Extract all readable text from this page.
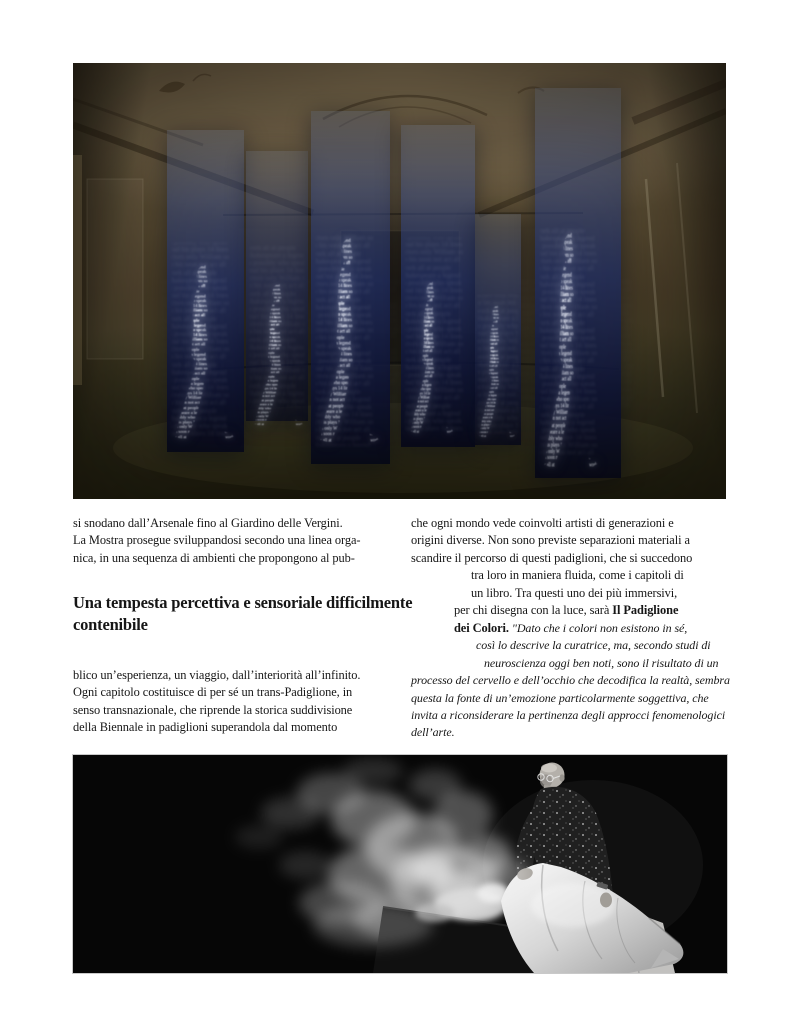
si snodano dall’Arsenale fino al Giardino delle Vergini.
La Mostra prosegue sviluppandosi secondo una linea orga-
nica, in una sequenza di ambienti che propongono al pub-
Una tempesta percettiva e sensoriale difficilmente
contenibile
blico un’esperienza, un viaggio, dall’interiorità all’infinito.
Ogni capitolo costituisce di per sé un trans-Padiglione, in
senso transnazionale, che riprende la storica suddivisione
della Biennale in padiglioni superandola dal momento
che ogni mondo vede coinvolti artisti di generazioni e
origini diverse. Non sono previste separazioni materiali a
scandire il percorso di questi padiglioni, che si succedono
tra loro in maniera fluida, come i capitoli di
un libro. Tra questi uno dei più immersivi,
per chi disegna con la luce, sarà Il Padiglione
dei Colori. "Dato che i colori non esistono in sé,
così lo descrive la curatrice, ma, secondo studi di
neuroscienza oggi ben noti, sono il risultato di un
processo del cervello e dell’occhio che decodifica la realtà, sembra
questa la fonte di un’emozione particolarmente soggettiva, che
invita a riconsiderare la pertinenza degli approcci fenomenologici
dell’arte.
